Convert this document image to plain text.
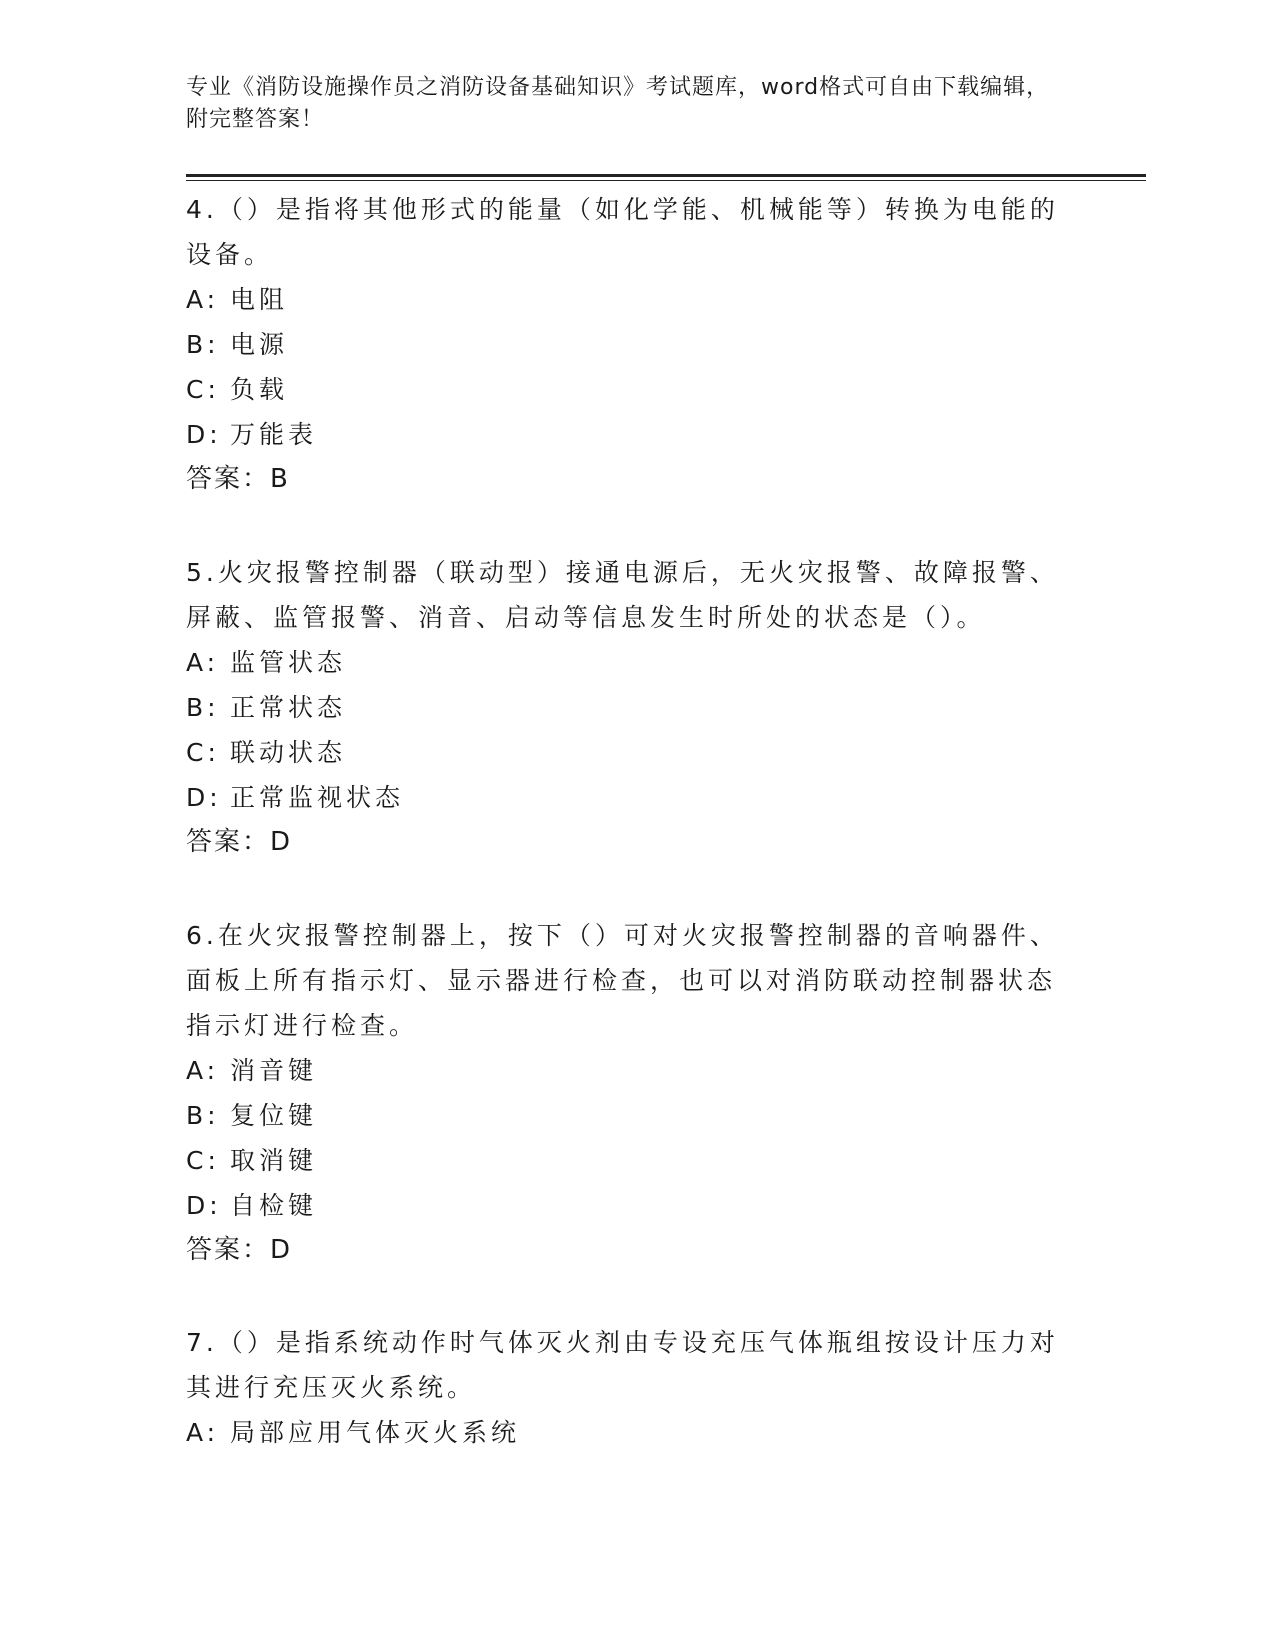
专业《消防设施操作员之消防设备基础知识》考试题库，word格式可自由下载编辑，附完整答案！
4.（）是指将其他形式的能量（如化学能、机械能等）转换为电能的设备。
A: 电阻
B: 电源
C: 负载
D: 万能表
答案：B
5.火灾报警控制器（联动型）接通电源后，无火灾报警、故障报警、屏蔽、监管报警、消音、启动等信息发生时所处的状态是（）。
A: 监管状态
B: 正常状态
C: 联动状态
D: 正常监视状态
答案：D
6.在火灾报警控制器上，按下（）可对火灾报警控制器的音响器件、面板上所有指示灯、显示器进行检查，也可以对消防联动控制器状态指示灯进行检查。
A: 消音键
B: 复位键
C: 取消键
D: 自检键
答案：D
7.（）是指系统动作时气体灭火剂由专设充压气体瓶组按设计压力对其进行充压灭火系统。
A: 局部应用气体灭火系统
